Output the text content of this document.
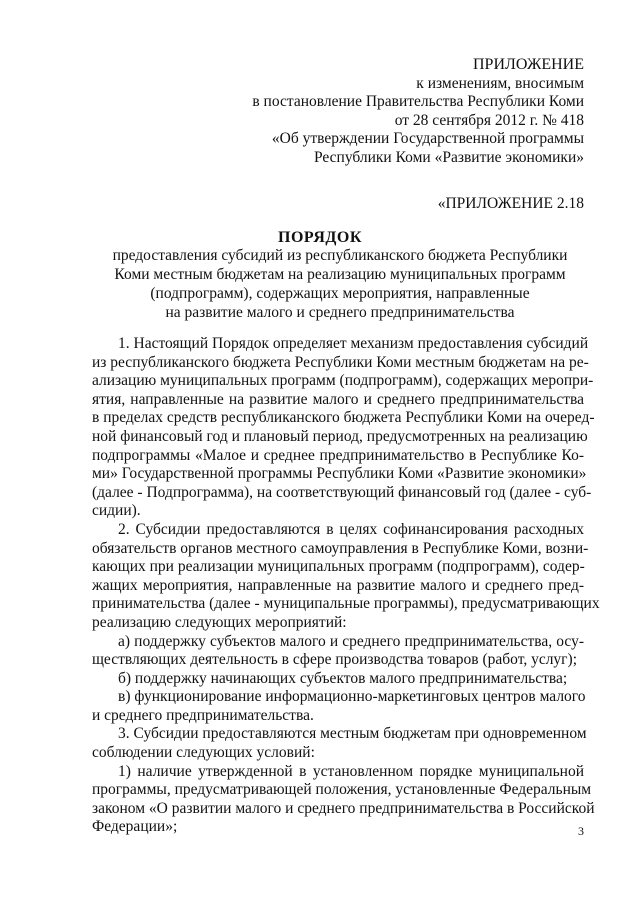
ПРИЛОЖЕНИЕ
к изменениям, вносимым
в постановление Правительства Республики Коми
от 28 сентября 2012 г. № 418
«Об утверждении Государственной программы
Республики Коми «Развитие экономики»
«ПРИЛОЖЕНИЕ 2.18
ПОРЯДОК
предоставления субсидий из республиканского бюджета Республики
Коми местным бюджетам на реализацию муниципальных программ
(подпрограмм), содержащих мероприятия, направленные
на развитие малого и среднего предпринимательства
1. Настоящий Порядок определяет механизм предоставления субсидий
из республиканского бюджета Республики Коми местным бюджетам на ре-
ализацию муниципальных программ (подпрограмм), содержащих меропри-
ятия, направленные на развитие малого и среднего предпринимательства
в пределах средств республиканского бюджета Республики Коми на очеред-
ной финансовый год и плановый период, предусмотренных на реализацию
подпрограммы «Малое и среднее предпринимательство в Республике Ко-
ми» Государственной программы Республики Коми «Развитие экономики»
(далее - Подпрограмма), на соответствующий финансовый год (далее - суб-
сидии).
2. Субсидии предоставляются в целях софинансирования расходных
обязательств органов местного самоуправления в Республике Коми, возни-
кающих при реализации муниципальных программ (подпрограмм), содер-
жащих мероприятия, направленные на развитие малого и среднего пред-
принимательства (далее - муниципальные программы), предусматривающих
реализацию следующих мероприятий:
а) поддержку субъектов малого и среднего предпринимательства, осу-
ществляющих деятельность в сфере производства товаров (работ, услуг);
б) поддержку начинающих субъектов малого предпринимательства;
в) функционирование информационно-маркетинговых центров малого
и среднего предпринимательства.
3. Субсидии предоставляются местным бюджетам при одновременном
соблюдении следующих условий:
1) наличие утвержденной в установленном порядке муниципальной
программы, предусматривающей положения, установленные Федеральным
законом «О развитии малого и среднего предпринимательства в Российской
Федерации»;	3
